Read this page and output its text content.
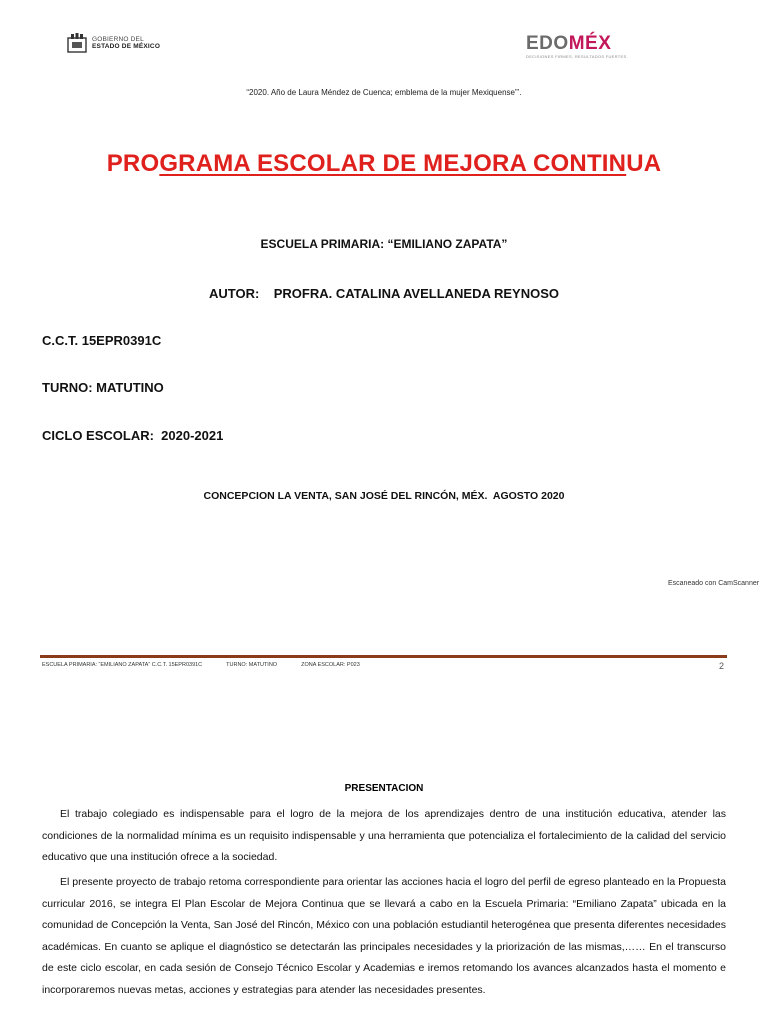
GOBIERNO DEL
ESTADO DE MÉXICO	EDOMÉX
DECISIONES FIRMES, RESULTADOS FUERTES.
“2020. Año de Laura Méndez de Cuenca; emblema de la mujer Mexiquense”’.
PROGRAMA ESCOLAR DE MEJORA CONTINUA
ESCUELA PRIMARIA: “EMILIANO ZAPATA”
AUTOR:    PROFRA. CATALINA AVELLANEDA REYNOSO
C.C.T. 15EPR0391C
TURNO: MATUTINO
CICLO ESCOLAR:  2020-2021
CONCEPCION LA VENTA, SAN JOSÉ DEL RINCÓN, MÉX.  AGOSTO 2020
Escaneado con CamScanner
ESCUELA PRIMARIA: “EMILIANO ZAPATA” C.C.T. 15EPR0391C	TURNO: MATUTINO	ZONA ESCOLAR: P023	2
PRESENTACION
El trabajo colegiado es indispensable para el logro de la mejora de los aprendizajes dentro de una institución educativa, atender las condiciones de la normalidad mínima es un requisito indispensable y una herramienta que potencializa el fortalecimiento de la calidad del servicio educativo que una institución ofrece a la sociedad.
El presente proyecto de trabajo retoma correspondiente para orientar las acciones hacia el logro del perfil de egreso planteado en la Propuesta curricular 2016, se integra El Plan Escolar de Mejora Continua que se llevará a cabo en la Escuela Primaria: “Emiliano Zapata” ubicada en la comunidad de Concepción la Venta, San José del Rincón, México con una población estudiantil heterogénea que presenta diferentes necesidades académicas. En cuanto se aplique el diagnóstico se detectarán las principales necesidades y la priorización de las mismas,…… En el transcurso de este ciclo escolar, en cada sesión de Consejo Técnico Escolar y Academias e iremos retomando los avances alcanzados hasta el momento e incorporaremos nuevas metas, acciones y estrategias para atender las necesidades presentes.
